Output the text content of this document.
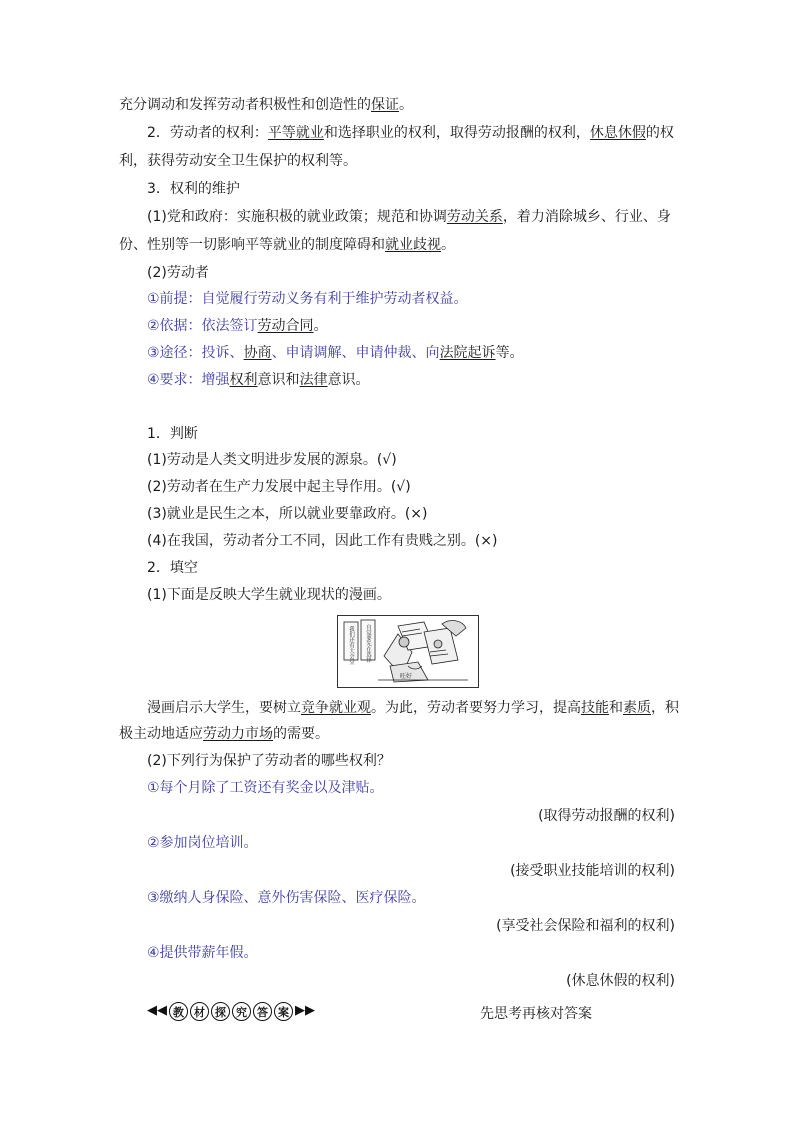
充分调动和发挥劳动者积极性和创造性的保证。
2．劳动者的权利：平等就业和选择职业的权利，取得劳动报酬的权利，休息休假的权
利，获得劳动安全卫生保护的权利等。
3．权利的维护
(1)党和政府：实施积极的就业政策；规范和协调劳动关系，着力消除城乡、行业、身
份、性别等一切影响平等就业的制度障碍和就业歧视。
(2)劳动者
①前提：自觉履行劳动义务有利于维护劳动者权益。
②依据：依法签订劳动合同。
③途径：投诉、协商、申请调解、申请仲裁、向法院起诉等。
④要求：增强权利意识和法律意识。
1．判断
(1)劳动是人类文明进步发展的源泉。(√)
(2)劳动者在生产力发展中起主导作用。(√)
(3)就业是民生之本，所以就业要靠政府。(×)
(4)在我国，劳动者分工不同，因此工作有贵贱之别。(×)
2．填空
(1)下面是反映大学生就业现状的漫画。
我们还有大会堂 自觉要先在选择
旺好
漫画启示大学生，要树立竞争就业观。为此，劳动者要努力学习，提高技能和素质，积
极主动地适应劳动力市场的需要。
(2)下列行为保护了劳动者的哪些权利？
①每个月除了工资还有奖金以及津贴。
(取得劳动报酬的权利)
②参加岗位培训。
(接受职业技能培训的权利)
③缴纳人身保险、意外伤害保险、医疗保险。
(享受社会保险和福利的权利)
④提供带薪年假。
(休息休假的权利)
◀◀ 教 材 探 究 答 案 ▶▶	先思考再核对答案
